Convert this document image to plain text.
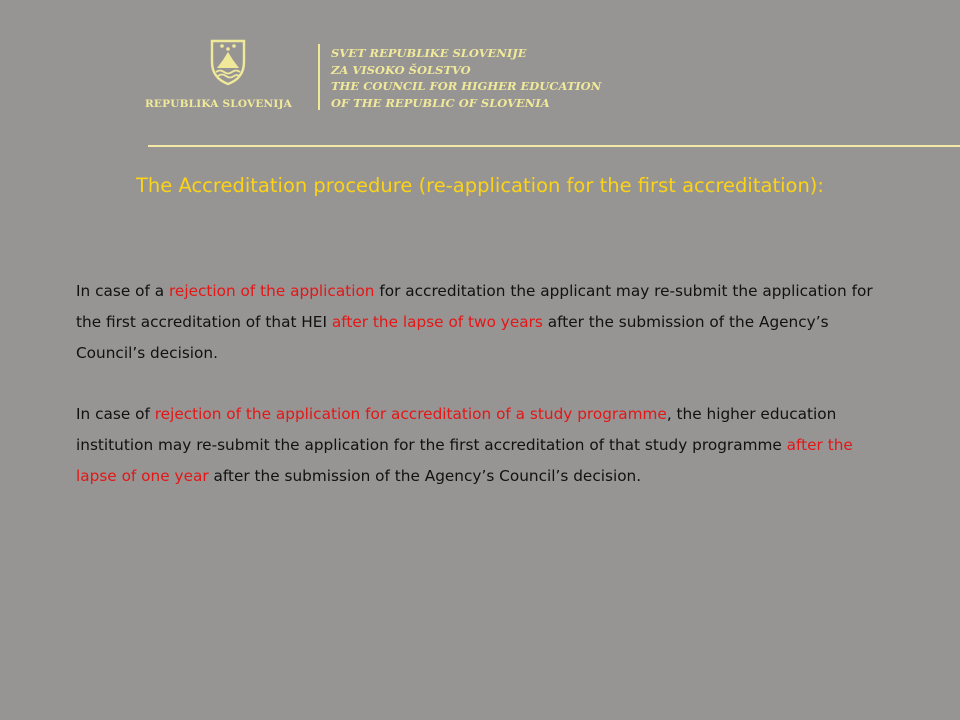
REPUBLIKA SLOVENIJA
SVET REPUBLIKE SLOVENIJE
ZA VISOKO ŠOLSTVO
THE COUNCIL FOR HIGHER EDUCATION
OF THE REPUBLIC OF SLOVENIA
The Accreditation procedure (re-application for the first accreditation):
In case of a rejection of the application for accreditation the applicant may re-submit the application for the first accreditation of that HEI after the lapse of two years after the submission of the Agency’s Council’s decision.
In case of rejection of the application for accreditation of a study programme, the higher education institution may re-submit the application for the first accreditation of that study programme after the lapse of one year after the submission of the Agency’s Council’s decision.
